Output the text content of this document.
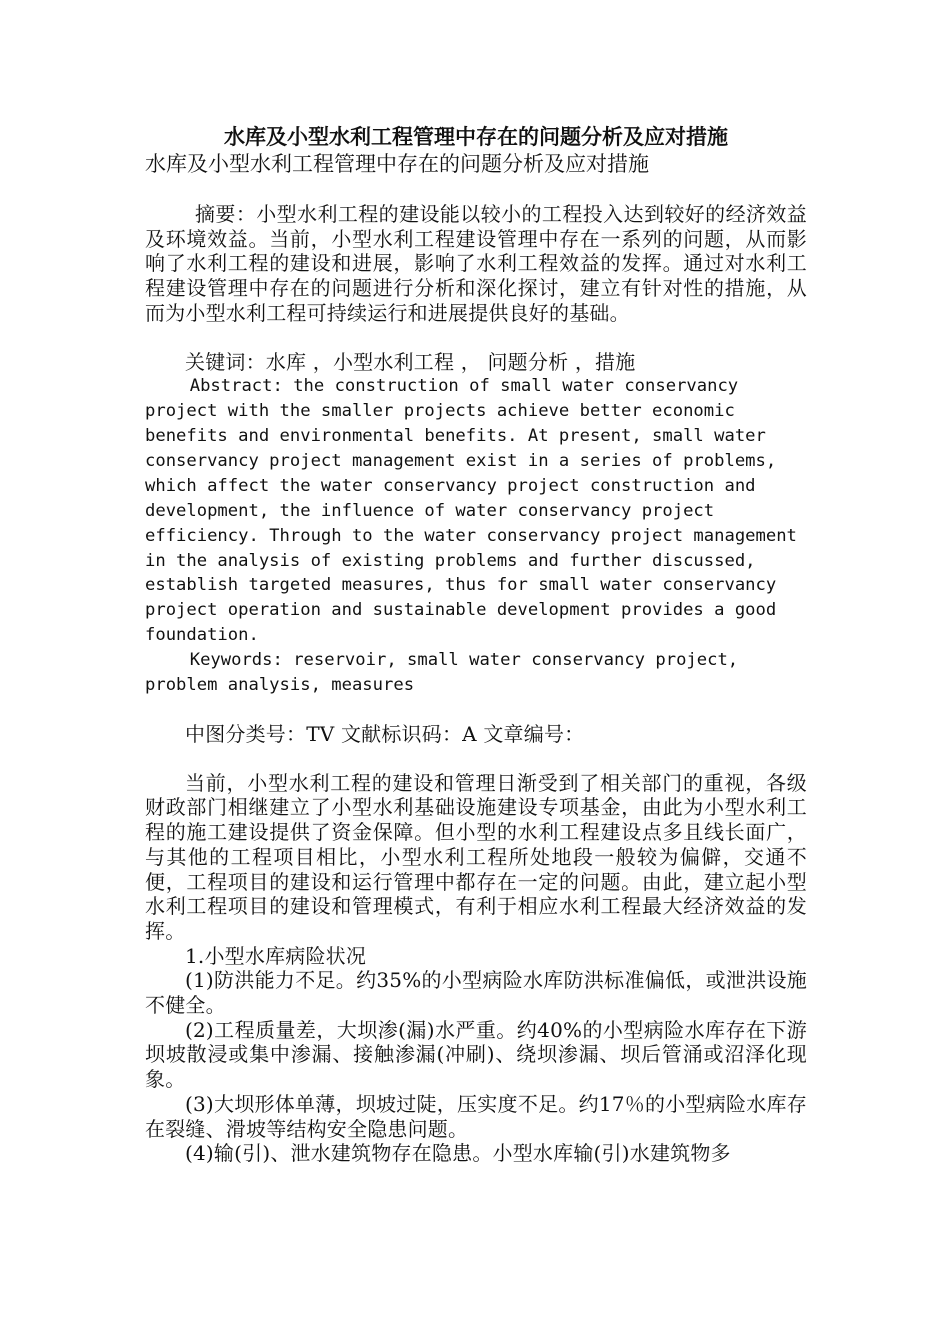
水库及小型水利工程管理中存在的问题分析及应对措施

水库及小型水利工程管理中存在的问题分析及应对措施

摘要：小型水利工程的建设能以较小的工程投入达到较好的经济效益及环境效益。当前，小型水利工程建设管理中存在一系列的问题，从而影响了水利工程的建设和进展，影响了水利工程效益的发挥。通过对水利工程建设管理中存在的问题进行分析和深化探讨，建立有针对性的措施，从而为小型水利工程可持续运行和进展提供良好的基础。

关键词：水库 ，小型水利工程 ， 问题分析 ，措施

Abstract: the construction of small water conservancy project with the smaller projects achieve better economic benefits and environmental benefits. At present, small water conservancy project management exist in a series of problems, which affect the water conservancy project construction and development, the influence of water conservancy project efficiency. Through to the water conservancy project management in the analysis of existing problems and further discussed, establish targeted measures, thus for small water conservancy project operation and sustainable development provides a good foundation.

Keywords: reservoir, small water conservancy project, problem analysis, measures

中图分类号：TV 文献标识码：A 文章编号：

当前，小型水利工程的建设和管理日渐受到了相关部门的重视，各级财政部门相继建立了小型水利基础设施建设专项基金，由此为小型水利工程的施工建设提供了资金保障。但小型的水利工程建设点多且线长面广，与其他的工程项目相比，小型水利工程所处地段一般较为偏僻，交通不便，工程项目的建设和运行管理中都存在一定的问题。由此，建立起小型水利工程项目的建设和管理模式，有利于相应水利工程最大经济效益的发挥。

1.小型水库病险状况

(1)防洪能力不足。约35%的小型病险水库防洪标准偏低，或泄洪设施不健全。

(2)工程质量差，大坝渗(漏)水严重。约40%的小型病险水库存在下游坝坡散浸或集中渗漏、接触渗漏(冲刷)、绕坝渗漏、坝后管涌或沼泽化现象。

(3)大坝形体单薄，坝坡过陡，压实度不足。约17％的小型病险水库存在裂缝、滑坡等结构安全隐患问题。

(4)输(引)、泄水建筑物存在隐患。小型水库输(引)水建筑物多
